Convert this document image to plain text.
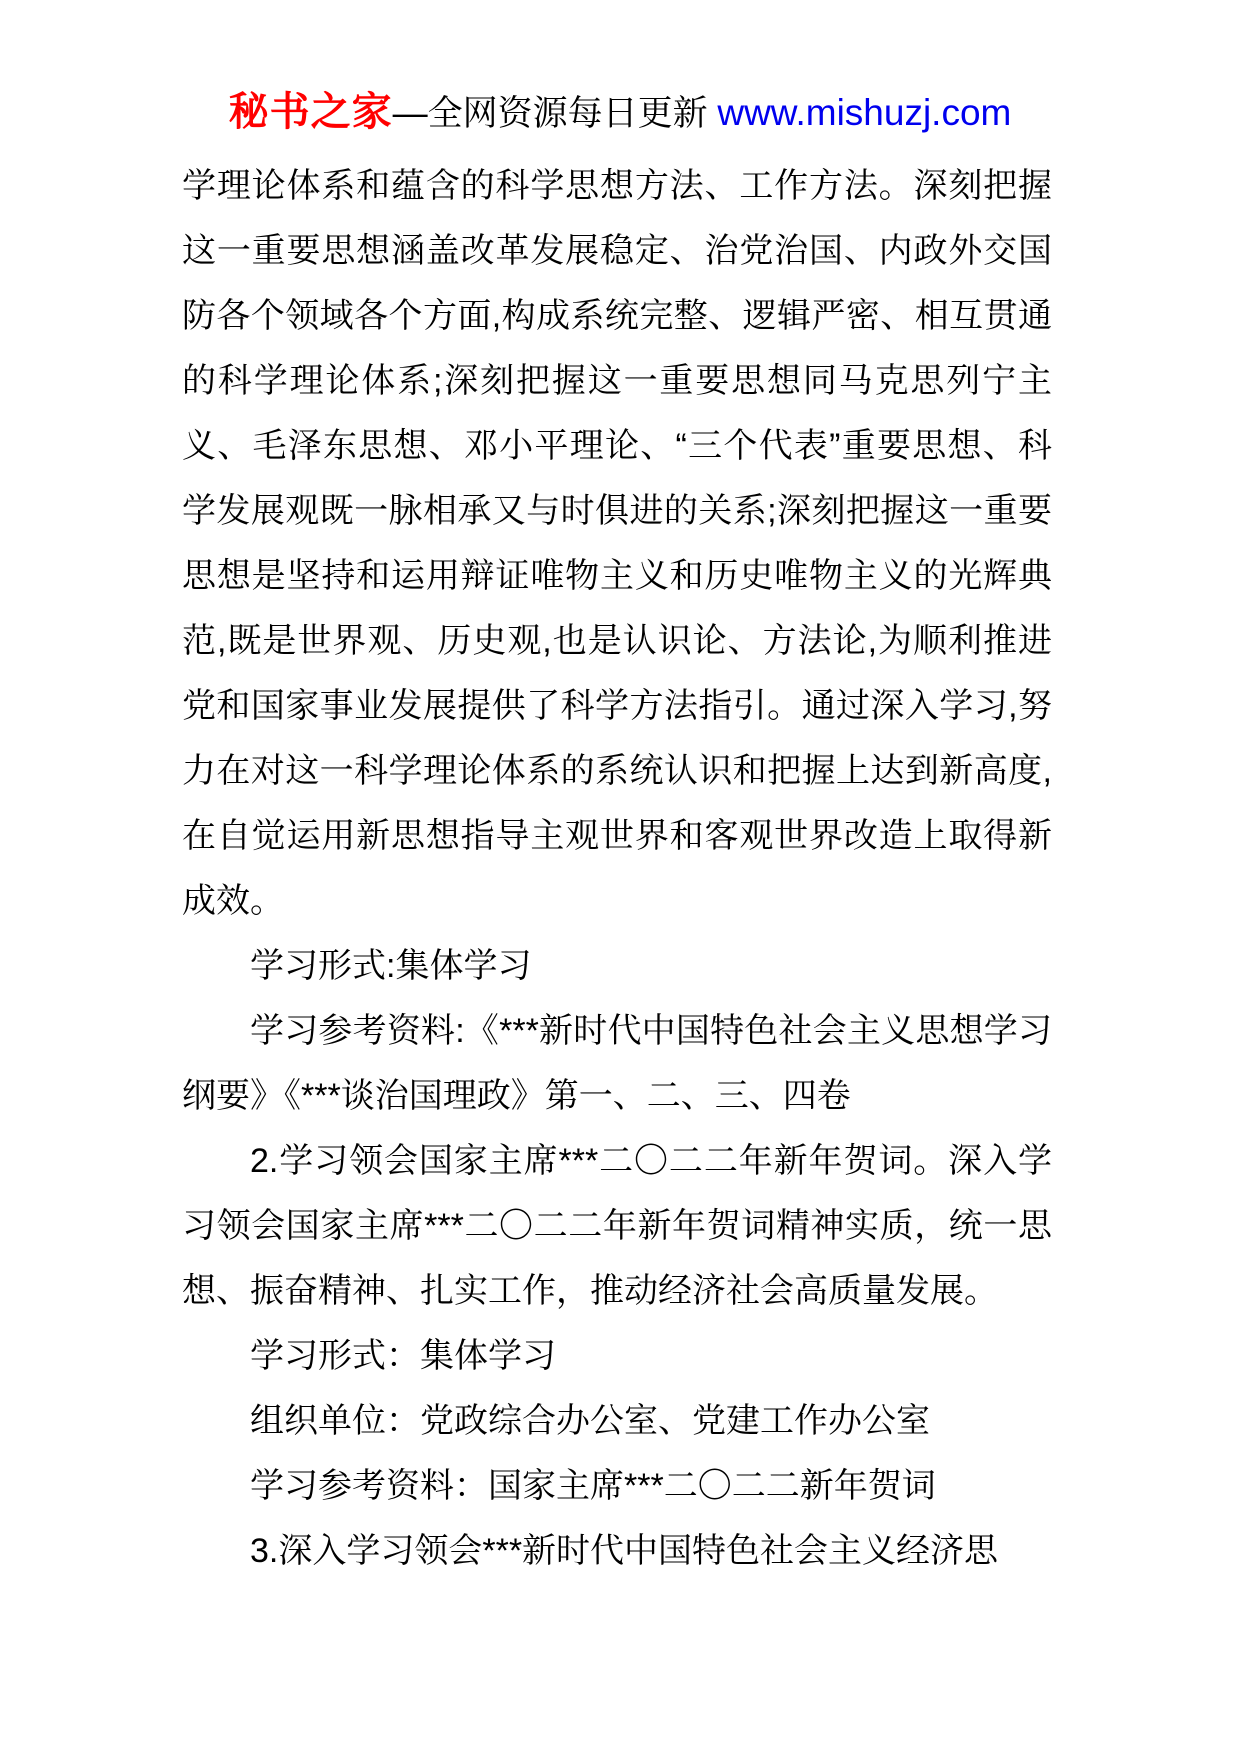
秘书之家—全网资源每日更新 www.mishuzj.com

学理论体系和蕴含的科学思想方法、工作方法。深刻把握这一重要思想涵盖改革发展稳定、治党治国、内政外交国防各个领域各个方面,构成系统完整、逻辑严密、相互贯通的科学理论体系;深刻把握这一重要思想同马克思列宁主义、毛泽东思想、邓小平理论、“三个代表”重要思想、科学发展观既一脉相承又与时俱进的关系;深刻把握这一重要思想是坚持和运用辩证唯物主义和历史唯物主义的光辉典范,既是世界观、历史观,也是认识论、方法论,为顺利推进党和国家事业发展提供了科学方法指引。通过深入学习,努力在对这一科学理论体系的系统认识和把握上达到新高度,在自觉运用新思想指导主观世界和客观世界改造上取得新成效。

学习形式:集体学习

学习参考资料:《***新时代中国特色社会主义思想学习纲要》《***谈治国理政》第一、二、三、四卷

2.学习领会国家主席***二〇二二年新年贺词。深入学习领会国家主席***二〇二二年新年贺词精神实质，统一思想、振奋精神、扎实工作，推动经济社会高质量发展。

学习形式：集体学习

组织单位：党政综合办公室、党建工作办公室

学习参考资料：国家主席***二〇二二新年贺词

3.深入学习领会***新时代中国特色社会主义经济思
